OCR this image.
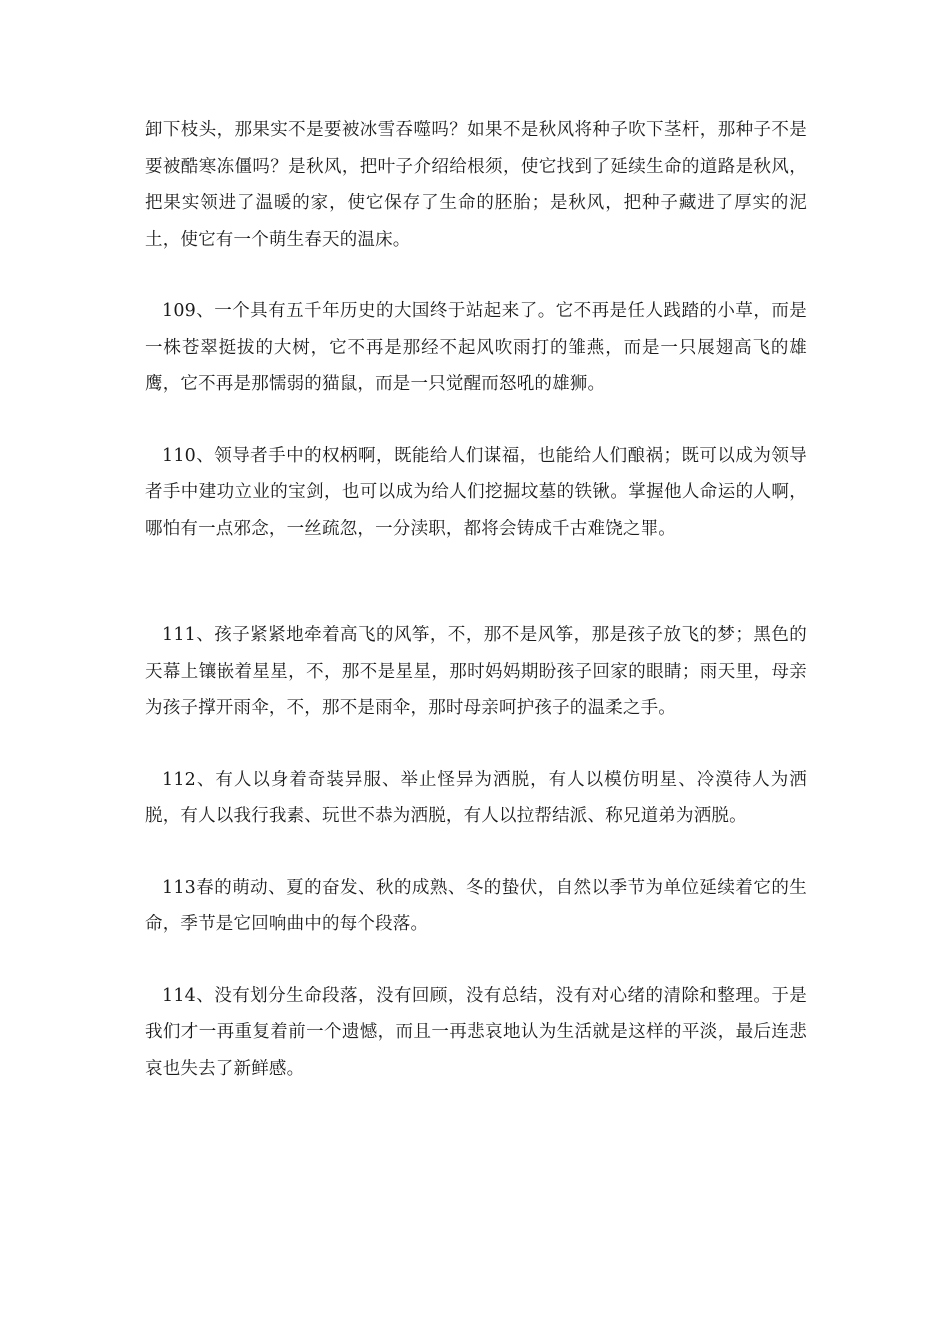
卸下枝头，那果实不是要被冰雪吞噬吗？如果不是秋风将种子吹下茎杆，那种子不是要被酷寒冻僵吗？是秋风，把叶子介绍给根须，使它找到了延续生命的道路是秋风，把果实领进了温暖的家，使它保存了生命的胚胎；是秋风，把种子藏进了厚实的泥土，使它有一个萌生春天的温床。

109、一个具有五千年历史的大国终于站起来了。它不再是任人践踏的小草，而是一株苍翠挺拔的大树，它不再是那经不起风吹雨打的雏燕，而是一只展翅高飞的雄鹰，它不再是那懦弱的猫鼠，而是一只觉醒而怒吼的雄狮。

110、领导者手中的权柄啊，既能给人们谋福，也能给人们酿祸；既可以成为领导者手中建功立业的宝剑，也可以成为给人们挖掘坟墓的铁锹。掌握他人命运的人啊，哪怕有一点邪念，一丝疏忽，一分渎职，都将会铸成千古难饶之罪。

111、孩子紧紧地牵着高飞的风筝，不，那不是风筝，那是孩子放飞的梦；黑色的天幕上镶嵌着星星，不，那不是星星，那时妈妈期盼孩子回家的眼睛；雨天里，母亲为孩子撑开雨伞，不，那不是雨伞，那时母亲呵护孩子的温柔之手。

112、有人以身着奇装异服、举止怪异为洒脱，有人以模仿明星、冷漠待人为洒脱，有人以我行我素、玩世不恭为洒脱，有人以拉帮结派、称兄道弟为洒脱。

113春的萌动、夏的奋发、秋的成熟、冬的蛰伏，自然以季节为单位延续着它的生命，季节是它回响曲中的每个段落。

114、没有划分生命段落，没有回顾，没有总结，没有对心绪的清除和整理。于是我们才一再重复着前一个遗憾，而且一再悲哀地认为生活就是这样的平淡，最后连悲哀也失去了新鲜感。
